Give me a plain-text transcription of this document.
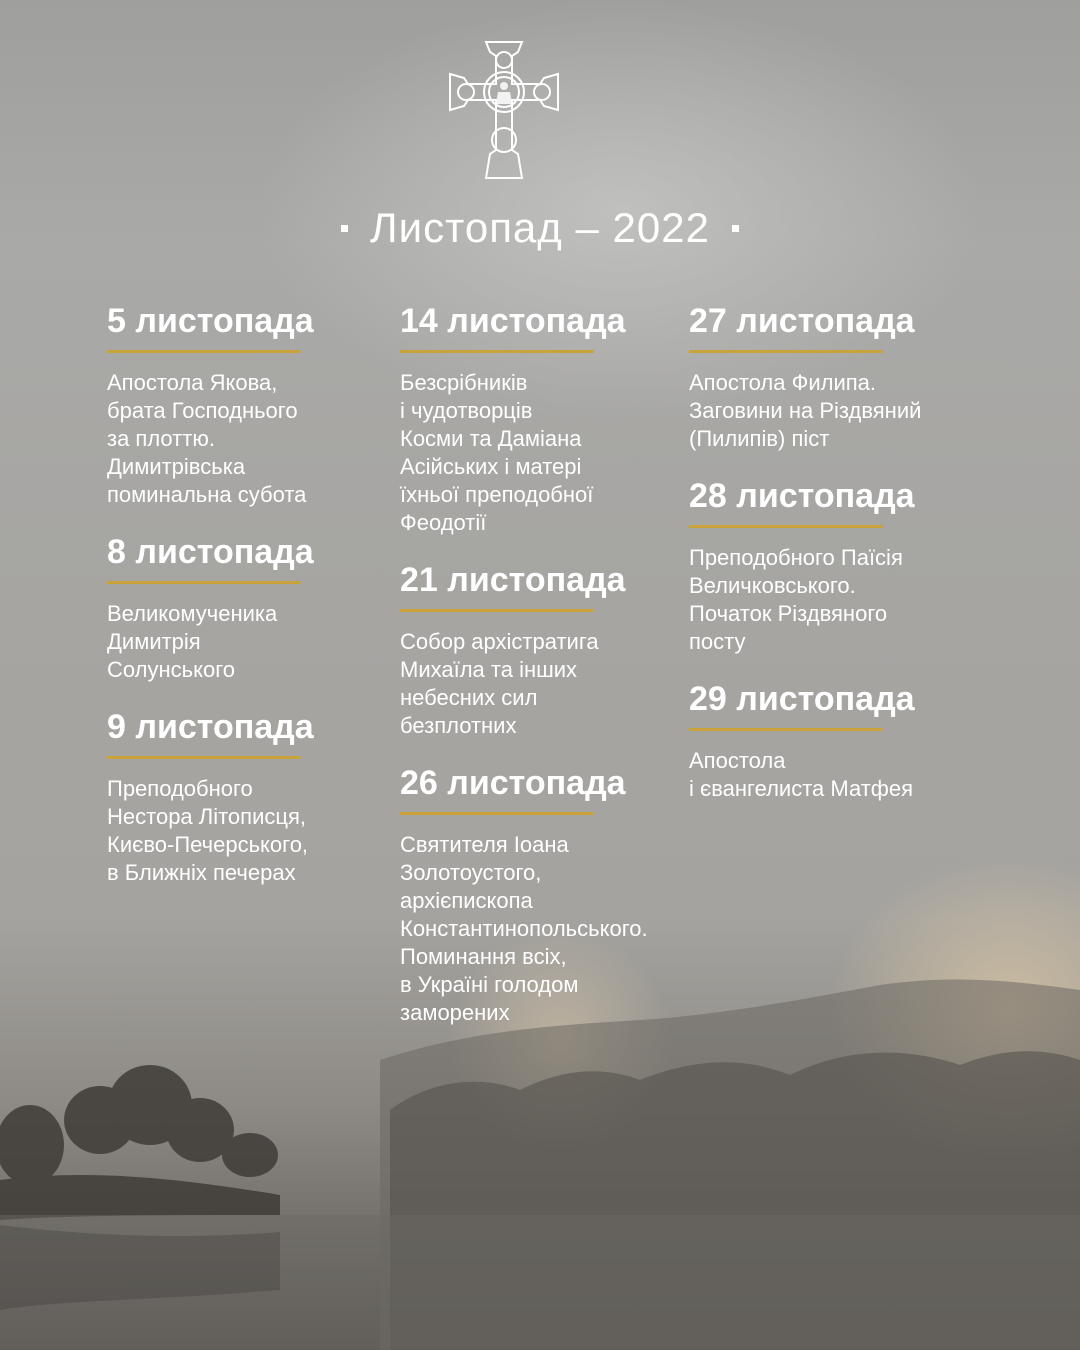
Листопад – 2022
5 листопада
Апостола Якова,
брата Господнього
за плоттю.
Димитрівська
поминальна субота
8 листопада
Великомученика
Димитрія
Солунського
9 листопада
Преподобного
Нестора Літописця,
Києво-Печерського,
в Ближніх печерах
14 листопада
Безсрібників
і чудотворців
Косми та Даміана
Асійських і матері
їхньої преподобної
Феодотії
21 листопада
Собор архістратига
Михаїла та інших
небесних сил
безплотних
26 листопада
Святителя Іоана
Золотоустого,
архієпископа
Константинопольського.
Поминання всіх,
в Україні голодом
заморених
27 листопада
Апостола Филипа.
Заговини на Різдвяний
(Пилипів) піст
28 листопада
Преподобного Паїсія
Величковського.
Початок Різдвяного
посту
29 листопада
Апостола
і євангелиста Матфея
